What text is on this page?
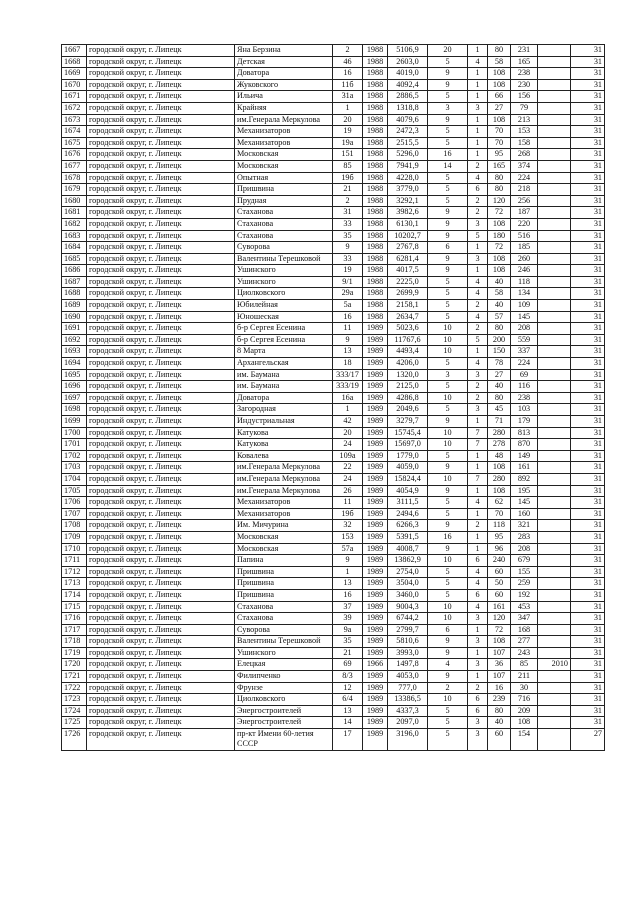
1667	городской округ, г. Липецк	Яна Берзина	2	1988	5106,9	20	1	80	231		31
1668	городской округ, г. Липецк	Детская	46	1988	2603,0	5	4	58	165		31
1669	городской округ, г. Липецк	Доватора	16	1988	4019,0	9	1	108	238		31
1670	городской округ, г. Липецк	Жуковского	11б	1988	4092,4	9	1	108	230		31
1671	городской округ, г. Липецк	Ильича	31а	1988	2886,5	5	1	66	156		31
1672	городской округ, г. Липецк	Крайняя	1	1988	1318,8	3	3	27	79		31
1673	городской округ, г. Липецк	им.Генерала Меркулова	20	1988	4079,6	9	1	108	213		31
1674	городской округ, г. Липецк	Механизаторов	19	1988	2472,3	5	1	70	153		31
1675	городской округ, г. Липецк	Механизаторов	19а	1988	2515,5	5	1	70	158		31
1676	городской округ, г. Липецк	Московская	151	1988	5296,0	16	1	95	268		31
1677	городской округ, г. Липецк	Московская	85	1988	7941,9	14	2	165	374		31
1678	городской округ, г. Липецк	Опытная	19б	1988	4228,0	5	4	80	224		31
1679	городской округ, г. Липецк	Пришвина	21	1988	3779,0	5	6	80	218		31
1680	городской округ, г. Липецк	Прудная	2	1988	3292,1	5	2	120	256		31
1681	городской округ, г. Липецк	Стаханова	31	1988	3982,6	9	2	72	187		31
1682	городской округ, г. Липецк	Стаханова	33	1988	6130,1	9	3	108	220		31
1683	городской округ, г. Липецк	Стаханова	35	1988	10202,7	9	5	180	516		31
1684	городской округ, г. Липецк	Суворова	9	1988	2767,8	6	1	72	185		31
1685	городской округ, г. Липецк	Валентины Терешковой	33	1988	6281,4	9	3	108	260		31
1686	городской округ, г. Липецк	Ушинского	19	1988	4017,5	9	1	108	246		31
1687	городской округ, г. Липецк	Ушинского	9/1	1988	2225,0	5	4	40	118		31
1688	городской округ, г. Липецк	Циолковского	29а	1988	2699,9	5	4	58	134		31
1689	городской округ, г. Липецк	Юбилейная	5а	1988	2158,1	5	2	40	109		31
1690	городской округ, г. Липецк	Юношеская	16	1988	2634,7	5	4	57	145		31
1691	городской округ, г. Липецк	б-р Сергея Есенина	11	1989	5023,6	10	2	80	208		31
1692	городской округ, г. Липецк	б-р Сергея Есенина	9	1989	11767,6	10	5	200	559		31
1693	городской округ, г. Липецк	8 Марта	13	1989	4493,4	10	1	150	337		31
1694	городской округ, г. Липецк	Архангельская	18	1989	4206,0	5	4	78	224		31
1695	городской округ, г. Липецк	им. Баумана	333/17	1989	1320,0	3	3	27	69		31
1696	городской округ, г. Липецк	им. Баумана	333/19	1989	2125,0	5	2	40	116		31
1697	городской округ, г. Липецк	Доватора	16а	1989	4286,8	10	2	80	238		31
1698	городской округ, г. Липецк	Загородная	1	1989	2049,6	5	3	45	103		31
1699	городской округ, г. Липецк	Индустриальная	42	1989	3279,7	9	1	71	179		31
1700	городской округ, г. Липецк	Катукова	20	1989	15745,4	10	7	280	813		31
1701	городской округ, г. Липецк	Катукова	24	1989	15697,0	10	7	278	870		31
1702	городской округ, г. Липецк	Ковалева	109а	1989	1779,0	5	1	48	149		31
1703	городской округ, г. Липецк	им.Генерала Меркулова	22	1989	4059,0	9	1	108	161		31
1704	городской округ, г. Липецк	им.Генерала Меркулова	24	1989	15824,4	10	7	280	892		31
1705	городской округ, г. Липецк	им.Генерала Меркулова	26	1989	4054,9	9	1	108	195		31
1706	городской округ, г. Липецк	Механизаторов	11	1989	3111,5	5	4	62	145		31
1707	городской округ, г. Липецк	Механизаторов	19б	1989	2494,6	5	1	70	160		31
1708	городской округ, г. Липецк	Им. Мичурина	32	1989	6266,3	9	2	118	321		31
1709	городской округ, г. Липецк	Московская	153	1989	5391,5	16	1	95	283		31
1710	городской округ, г. Липецк	Московская	57а	1989	4008,7	9	1	96	208		31
1711	городской округ, г. Липецк	Папина	9	1989	13862,9	10	6	240	679		31
1712	городской округ, г. Липецк	Пришвина	1	1989	2754,0	5	4	60	155		31
1713	городской округ, г. Липецк	Пришвина	13	1989	3504,0	5	4	50	259		31
1714	городской округ, г. Липецк	Пришвина	16	1989	3460,0	5	6	60	192		31
1715	городской округ, г. Липецк	Стаханова	37	1989	9004,3	10	4	161	453		31
1716	городской округ, г. Липецк	Стаханова	39	1989	6744,2	10	3	120	347		31
1717	городской округ, г. Липецк	Суворова	9а	1989	2799,7	6	1	72	168		31
1718	городской округ, г. Липецк	Валентины Терешковой	35	1989	5810,6	9	3	108	277		31
1719	городской округ, г. Липецк	Ушинского	21	1989	3993,0	9	1	107	243		31
1720	городской округ, г. Липецк	Елецкая	69	1966	1497,8	4	3	36	85	2010	31
1721	городской округ, г. Липецк	Филипченко	8/3	1989	4053,0	9	1	107	211		31
1722	городской округ, г. Липецк	Фрунзе	12	1989	777,0	2	2	16	30		31
1723	городской округ, г. Липецк	Циолковского	6/4	1989	13386,5	10	6	239	716		31
1724	городской округ, г. Липецк	Энергостроителей	13	1989	4337,3	5	6	80	209		31
1725	городской округ, г. Липецк	Энергостроителей	14	1989	2097,0	5	3	40	108		31
1726	городской округ, г. Липецк	пр-кт Имени 60-летия СССР	17	1989	3196,0	5	3	60	154		27
